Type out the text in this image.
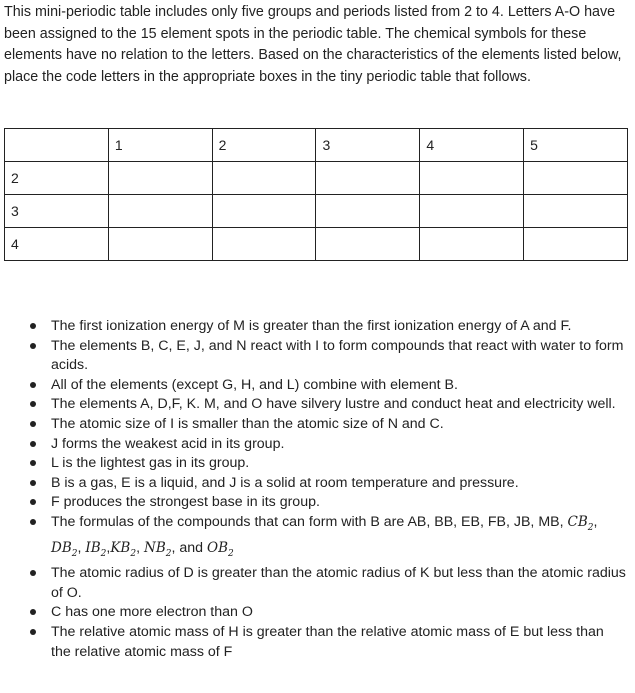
This mini-periodic table includes only five groups and periods listed from 2 to 4. Letters A-O have been assigned to the 15 element spots in the periodic table. The chemical symbols for these elements have no relation to the letters. Based on the characteristics of the elements listed below, place the code letters in the appropriate boxes in the tiny periodic table that follows.

	1	2	3	4	5
2					
3					
4					
The first ionization energy of M is greater than the first ionization energy of A and F.
The elements B, C, E, J, and N react with I to form compounds that react with water to form acids.
All of the elements (except G, H, and L) combine with element B.
The elements A, D,F, K. M, and O have silvery lustre and conduct heat and electricity well.
The atomic size of I is smaller than the atomic size of N and C.
J forms the weakest acid in its group.
L is the lightest gas in its group.
B is a gas, E is a liquid, and J is a solid at room temperature and pressure.
F produces the strongest base in its group.
The formulas of the compounds that can form with B are AB, BB, EB, FB, JB, MB, $CB_2$,
$DB_2$, $IB_2,KB_2$, $NB_2$, and $OB_2$
The atomic radius of D is greater than the atomic radius of K but less than the atomic radius of O.
C has one more electron than O
The relative atomic mass of H is greater than the relative atomic mass of E but less than the relative atomic mass of F
